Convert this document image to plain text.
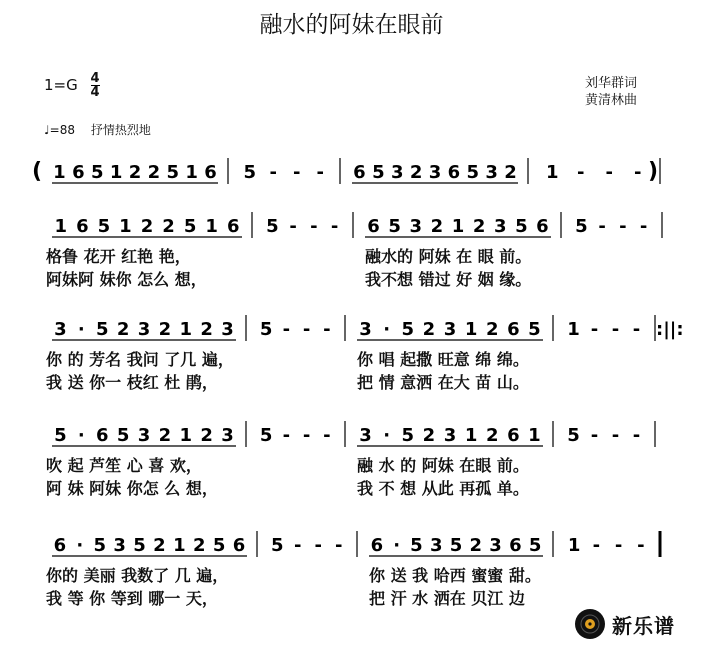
融水的阿妹在眼前
$1=G \frac{4}{4}$	刘华群词
黄清林曲
♩=88 抒情热烈地
( 1 6 5 1 2 2 5 1 6 5 - - - 6 5 3 2 3 6 5 3 2 1 - - - )
1 6 5 1 2 2 5 1 6 5 - - - 6 5 3 2 1 2 3 5 6 5 - - -
3 · 5 2 3 2 1 2 3 5 - - - 3 · 5 2 3 1 2 6 5 1 - - - :||:
5 · 6 5 3 2 1 2 3 5 - - - 3 · 5 2 3 1 2 6 1 5 - - -
6 · 5 3 5 2 1 2 5 6 5 - - - 6 · 5 3 5 2 3 6 5 1 - - -
格鲁 花开 红艳 艳，
阿妹阿 妹你 怎么 想，
融水的 阿妹 在 眼 前。
我不想 错过 好 姻 缘。
你 的 芳名 我问 了几 遍，
我 送 你一 枝红 杜 鹃，
你 唱 起撒 旺意 绵 绵。
把 情 意洒 在大 苗 山。
吹 起 芦笙 心 喜 欢，
阿 妹 阿妹 你怎 么 想，
融 水 的 阿妹 在眼 前。
我 不 想 从此 再孤 单。
你的 美丽 我数了 几 遍，
我 等 你 等到 哪一 天，
你 送 我 哈西 蜜蜜 甜。
把 汗 水 洒在 贝江 边
新乐谱
